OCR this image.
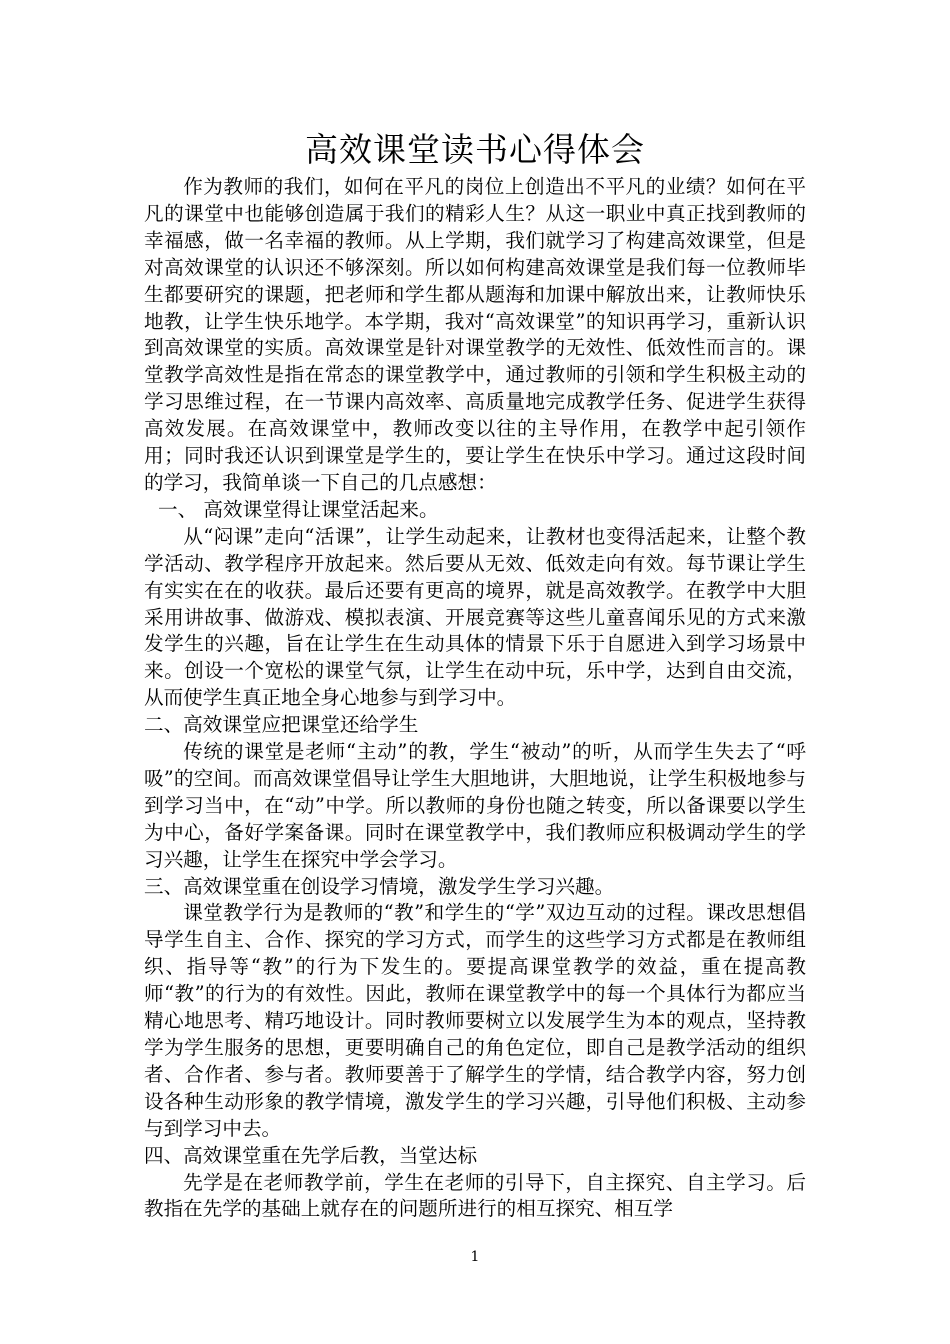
高效课堂读书心得体会

作为教师的我们，如何在平凡的岗位上创造出不平凡的业绩？如何在平凡的课堂中也能够创造属于我们的精彩人生？从这一职业中真正找到教师的幸福感，做一名幸福的教师。从上学期，我们就学习了构建高效课堂，但是对高效课堂的认识还不够深刻。所以如何构建高效课堂是我们每一位教师毕生都要研究的课题，把老师和学生都从题海和加课中解放出来，让教师快乐地教，让学生快乐地学。本学期，我对“高效课堂”的知识再学习，重新认识到高效课堂的实质。高效课堂是针对课堂教学的无效性、低效性而言的。课堂教学高效性是指在常态的课堂教学中，通过教师的引领和学生积极主动的学习思维过程，在一节课内高效率、高质量地完成教学任务、促进学生获得高效发展。在高效课堂中，教师改变以往的主导作用，在教学中起引领作用；同时我还认识到课堂是学生的，要让学生在快乐中学习。通过这段时间的学习，我简单谈一下自己的几点感想：

一、 高效课堂得让课堂活起来。

从“闷课”走向“活课”，让学生动起来，让教材也变得活起来，让整个教学活动、教学程序开放起来。然后要从无效、低效走向有效。每节课让学生有实实在在的收获。最后还要有更高的境界，就是高效教学。在教学中大胆采用讲故事、做游戏、模拟表演、开展竞赛等这些儿童喜闻乐见的方式来激发学生的兴趣，旨在让学生在生动具体的情景下乐于自愿进入到学习场景中来。创设一个宽松的课堂气氛，让学生在动中玩，乐中学，达到自由交流，从而使学生真正地全身心地参与到学习中。

二、高效课堂应把课堂还给学生

传统的课堂是老师“主动”的教，学生“被动”的听，从而学生失去了“呼吸”的空间。而高效课堂倡导让学生大胆地讲，大胆地说，让学生积极地参与到学习当中，在“动”中学。所以教师的身份也随之转变，所以备课要以学生为中心，备好学案备课。同时在课堂教学中，我们教师应积极调动学生的学习兴趣，让学生在探究中学会学习。

三、高效课堂重在创设学习情境，激发学生学习兴趣。

课堂教学行为是教师的“教”和学生的“学”双边互动的过程。课改思想倡导学生自主、合作、探究的学习方式，而学生的这些学习方式都是在教师组织、指导等“教”的行为下发生的。要提高课堂教学的效益，重在提高教师“教”的行为的有效性。因此，教师在课堂教学中的每一个具体行为都应当精心地思考、精巧地设计。同时教师要树立以发展学生为本的观点，坚持教学为学生服务的思想，更要明确自己的角色定位，即自己是教学活动的组织者、合作者、参与者。教师要善于了解学生的学情，结合教学内容，努力创设各种生动形象的教学情境，激发学生的学习兴趣，引导他们积极、主动参与到学习中去。

四、高效课堂重在先学后教，当堂达标

先学是在老师教学前，学生在老师的引导下，自主探究、自主学习。后教指在先学的基础上就存在的问题所进行的相互探究、相互学

1
